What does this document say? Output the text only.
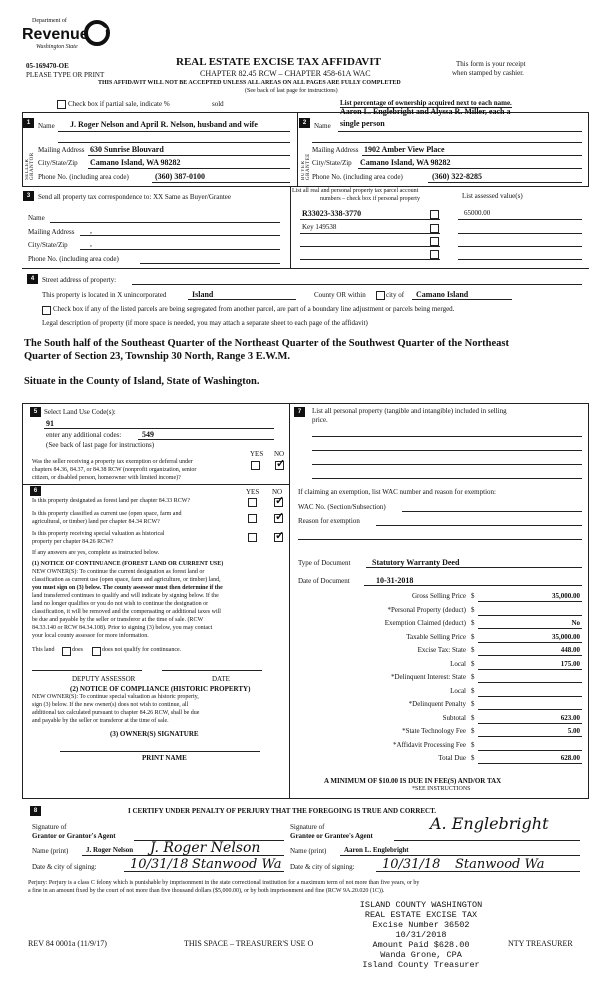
Department of
Revenue
Washington State
05-169470-OE
PLEASE TYPE OR PRINT
REAL ESTATE EXCISE TAX AFFIDAVIT
CHAPTER 82.45 RCW – CHAPTER 458-61A WAC
THIS AFFIDAVIT WILL NOT BE ACCEPTED UNLESS ALL AREAS ON ALL PAGES ARE FULLY COMPLETED
(See back of last page for instructions)
This form is your receipt
when stamped by cashier.
Check box if partial sale, indicate %	sold	List percentage of ownership acquired next to each name.
1
SELLER GRANTOR
Name J. Roger Nelson and April R. Nelson, husband and wife
Mailing Address 630 Sunrise Blouvard
City/State/Zip Camano Island, WA 98282
Phone No. (including area code)	(360) 387-0100
2
BUYER GRANTEE
Aaron L. Englebright and Alyssa R. Miller, each a
Name single person
Mailing Address 1902 Amber View Place
City/State/Zip Camano Island, WA 98282
Phone No. (including area code)	(360) 322-8285
3	Send all property tax correspondence to: XX Same as Buyer/Grantee
Name
Mailing Address ,
City/State/Zip	,
Phone No. (including area code)
List all real and personal property tax parcel account
numbers – check box if personal property	List assessed value(s)
R33023-338-3770	65000.00
Key 149538
4	Street address of property:
This property is located in X unincorporated	Island	County OR within	city of Camano Island
Check box if any of the listed parcels are being segregated from another parcel, are part of a boundary line adjustment or parcels being merged.
Legal description of property (if more space is needed, you may attach a separate sheet to each page of the affidavit)
The South half of the Southeast Quarter of the Northeast Quarter of the Southwest Quarter of the Northeast
Quarter of Section 23, Township 30 North, Range 3 E.W.M.
Situate in the County of Island, State of Washington.
5 Select Land Use Code(s):
91
enter any additional codes:	549
(See back of last page for instructions)
YES NO
Was the seller receiving a property tax exemption or deferral under
chapters 84.36, 84.37, or 84.38 RCW (nonprofit organization, senior
citizen, or disabled person, homeowner with limited income)?
✓
6	YES NO
Is this property designated as forest land per chapter 84.33 RCW?
✓
Is this property classified as current use (open space, farm and
agricultural, or timber) land per chapter 84.34 RCW?
✓
Is this property receiving special valuation as historical
property per chapter 84.26 RCW?
✓
If any answers are yes, complete as instructed below.
(1) NOTICE OF CONTINUANCE (FOREST LAND OR CURRENT USE)
NEW OWNER(S): To continue the current designation as forest land or
classification as current use (open space, farm and agriculture, or timber) land,
you must sign on (3) below. The county assessor must then determine if the
land transferred continues to qualify and will indicate by signing below. If the
land no longer qualifies or you do not wish to continue the designation or
classification, it will be removed and the compensating or additional taxes will
be due and payable by the seller or transferor at the time of sale. (RCW
84.33.140 or RCW 84.34.108). Prior to signing (3) below, you may contact
your local county assessor for more information.
This land	does	does not qualify for continuance.
DEPUTY ASSESSOR	DATE
(2) NOTICE OF COMPLIANCE (HISTORIC PROPERTY)
NEW OWNER(S): To continue special valuation as historic property,
sign (3) below. If the new owner(s) does not wish to continue, all
additional tax calculated pursuant to chapter 84.26 RCW, shall be due
and payable by the seller or transferor at the time of sale.
(3) OWNER(S) SIGNATURE
PRINT NAME
7	List all personal property (tangible and intangible) included in selling
price.
If claiming an exemption, list WAC number and reason for exemption:
WAC No. (Section/Subsection)
Reason for exemption
Type of Document	Statutory Warranty Deed
Date of Document	10-31-2018
Gross Selling Price $	35,000.00
*Personal Property (deduct) $
Exemption Claimed (deduct) $	No
Taxable Selling Price $	35,000.00
Excise Tax: State $	448.00
Local $	175.00
*Delinquent Interest: State $
Local $
*Delinquent Penalty $
Subtotal $	623.00
*State Technology Fee $	5.00
*Affidavit Processing Fee $
Total Due $	628.00
A MINIMUM OF $10.00 IS DUE IN FEE(S) AND/OR TAX
*SEE INSTRUCTIONS
8	I CERTIFY UNDER PENALTY OF PERJURY THAT THE FOREGOING IS TRUE AND CORRECT.
Signature of
Grantor or Grantor's Agent
Signature of
Grantee or Grantee's Agent
A. Englebright
Name (print)	J. Roger Nelson J. Roger Nelson	Name (print)	Aaron L. Englebright
Date & city of signing:	10/31/18 Stanwood Wa Date & city of signing: 10/31/18 Stanwood Wa
Perjury: Perjury is a class C felony which is punishable by imprisonment in the state correctional institution for a maximum term of not more than five years, or by
a fine in an amount fixed by the court of not more than five thousand dollars ($5,000.00), or by both imprisonment and fine (RCW 9A.20.020 (1C)).
REV 84 0001a (11/9/17)	THIS SPACE – TREASURER'S USE O	NTY TREASURER
ISLAND COUNTY WASHINGTON
REAL ESTATE EXCISE TAX
Excise Number 36502
10/31/2018
Amount Paid $628.00
Wanda Grone, CPA
Island County Treasurer
